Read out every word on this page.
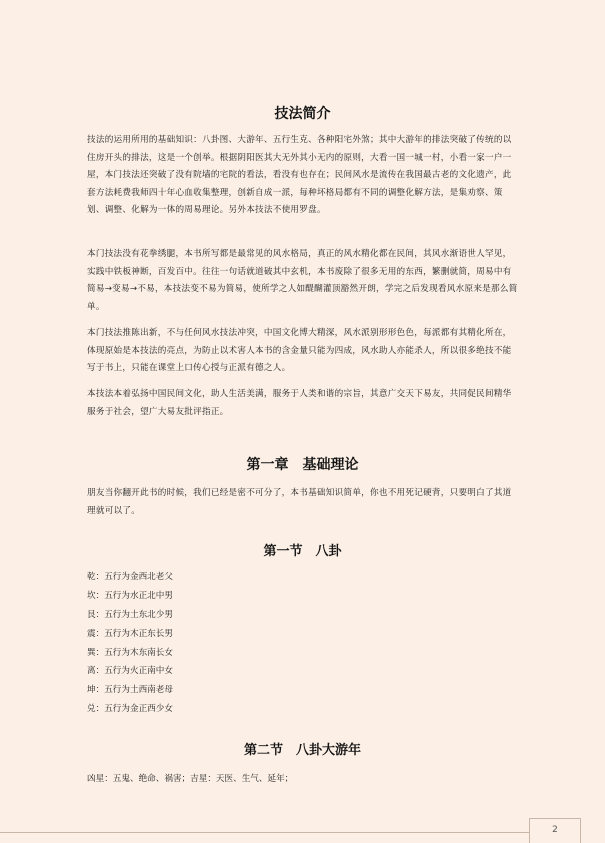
技法简介
技法的运用所用的基础知识：八卦图、大游年、五行生克、各种阳宅外煞；其中大游年的排法突破了传统的以住房开头的排法，这是一个创举。根据阴阳医其大无外其小无内的原则，大看一国一城一村，小看一家一户一屋，本门技法还突破了没有院墙的宅院的看法，看没有也存在；民间风水是流传在我国最古老的文化遗产，此套方法耗费我师四十年心血收集整理，创新自成一派，每种坏格局都有不同的调整化解方法，是集劝察、策划、调整、化解为一体的周易理论。另外本技法不使用罗盘。
本门技法没有花拳绣腿，本书所写都是最常见的风水格局，真正的风水精化都在民间，其风水渐语世人罕见，实践中铁板神断，百发百中。往往一句话就道破其中玄机，本书废除了很多无用的东西，繁删就简，周易中有简易→变易→不易，本技法变不易为简易，使所学之人如醍醐灌顶豁然开朗，学完之后发现看风水原来是那么简单。
本门技法推陈出新，不与任何风水技法冲突，中国文化博大精深，风水派别形形色色，每派都有其精化所在，体现原始是本技法的亮点，为防止以术害人本书的含金量只能为四成，风水助人亦能杀人，所以很多绝技不能写于书上，只能在课堂上口传心授与正派有德之人。
本技法本着弘扬中国民间文化，助人生活美满，服务于人类和谐的宗旨，其意广交天下易友，共同促民间精华服务于社会，望广大易友批评指正。
第一章　基础理论
朋友当你翻开此书的时候，我们已经是密不可分了，本书基础知识简单，你也不用死记硬背，只要明白了其道理就可以了。
第一节　八卦
乾：五行为金西北老父
坎：五行为水正北中男
艮：五行为土东北少男
震：五行为木正东长男
巽：五行为木东南长女
离：五行为火正南中女
坤：五行为土西南老母
兑：五行为金正西少女
第二节　八卦大游年
凶星：五鬼、绝命、祸害；吉星：天医、生气、延年；
2
